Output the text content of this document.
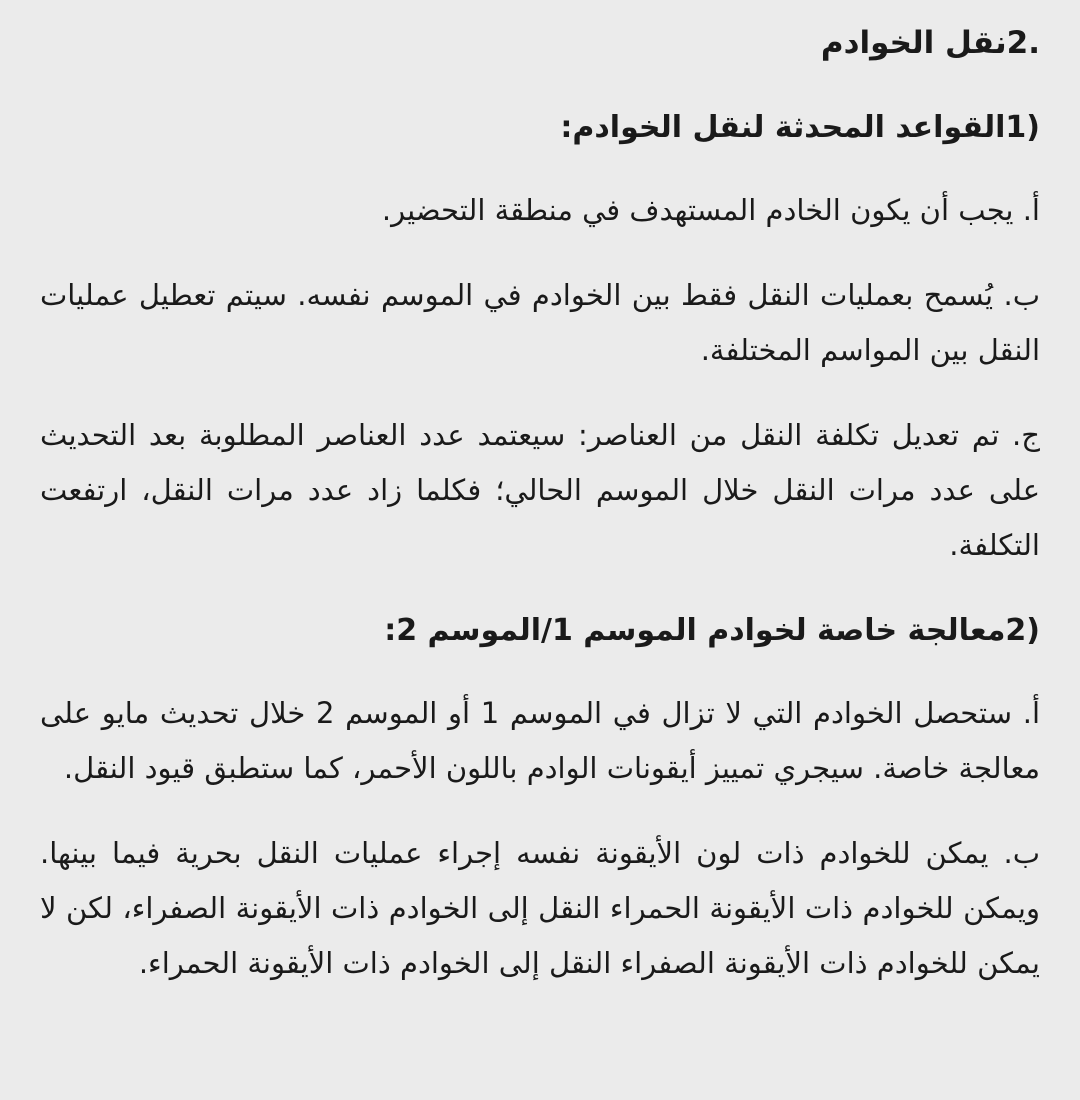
.2نقل الخوادم
(1القواعد المحدثة لنقل الخوادم:

أ. يجب أن يكون الخادم المستهدف في منطقة التحضير.

ب. يُسمح بعمليات النقل فقط بين الخوادم في الموسم نفسه. سيتم تعطيل عمليات النقل بين المواسم المختلفة.

ج. تم تعديل تكلفة النقل من العناصر: سيعتمد عدد العناصر المطلوبة بعد التحديث على عدد مرات النقل خلال الموسم الحالي؛ فكلما زاد عدد مرات النقل، ارتفعت التكلفة.

(2معالجة خاصة لخوادم الموسم 1/الموسم 2:

أ. ستحصل الخوادم التي لا تزال في الموسم 1 أو الموسم 2 خلال تحديث مايو على معالجة خاصة. سيجري تمييز أيقونات الوادم باللون الأحمر، كما ستطبق قيود النقل.

ب. يمكن للخوادم ذات لون الأيقونة نفسه إجراء عمليات النقل بحرية فيما بينها. ويمكن للخوادم ذات الأيقونة الحمراء النقل إلى الخوادم ذات الأيقونة الصفراء، لكن لا يمكن للخوادم ذات الأيقونة الصفراء النقل إلى الخوادم ذات الأيقونة الحمراء.
